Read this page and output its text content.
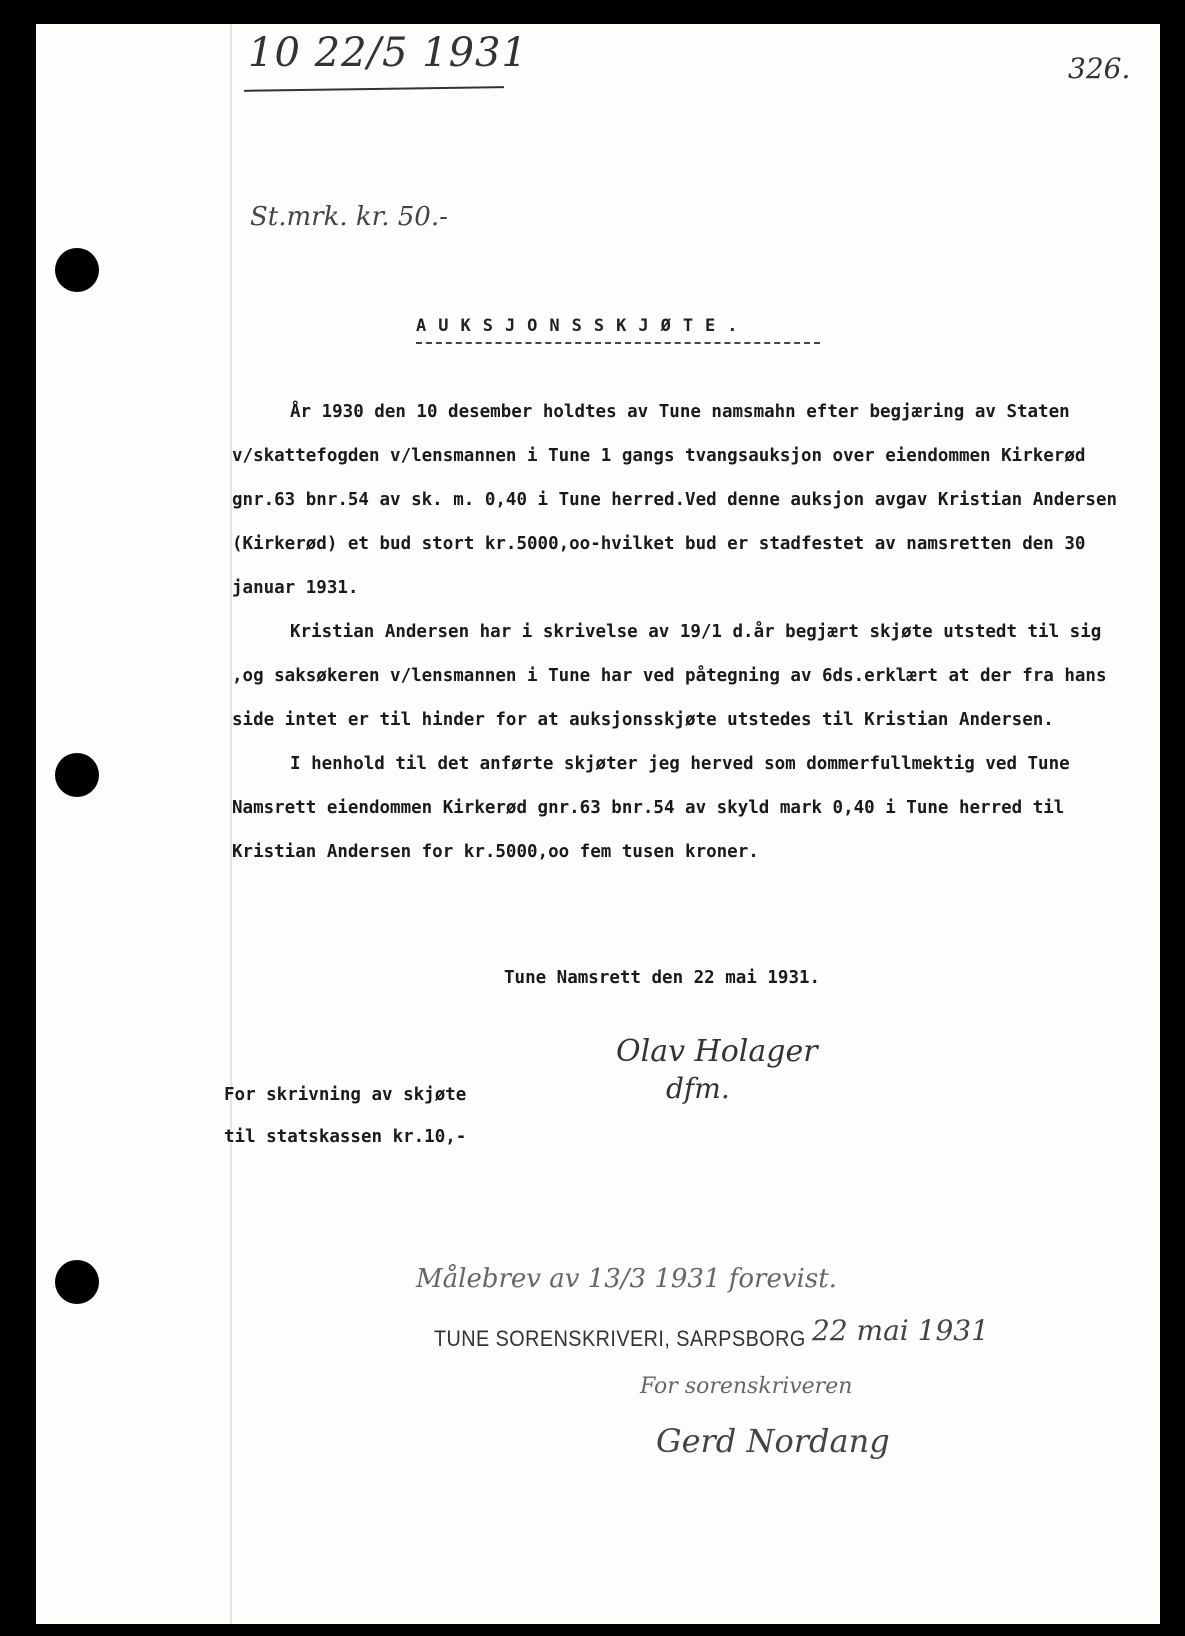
10 22/5 1931	326.
St.mrk. kr. 50.-
AUKSJONSSKJØTE.

År 1930 den 10 desember holdtes av Tune namsmahn efter begjæring av Staten v/skattefogden v/lensmannen i Tune 1 gangs tvangsauksjon over eiendommen Kirkerød gnr.63 bnr.54 av sk. m. 0,40 i Tune herred.Ved denne auksjon avgav Kristian Andersen (Kirkerød) et bud stort kr.5000,oo-hvilket bud er stadfestet av namsretten den 30 januar 1931.

Kristian Andersen har i skrivelse av 19/1 d.år begjært skjøte utstedt til sig ,og saksøkeren v/lensmannen i Tune har ved påtegning av 6ds.erklært at der fra hans side intet er til hinder for at auksjonsskjøte utstedes til Kristian Andersen.

I henhold til det anførte skjøter jeg herved som dommerfullmektig ved Tune Namsrett eiendommen Kirkerød gnr.63 bnr.54 av skyld mark 0,40 i Tune herred til Kristian Andersen for kr.5000,oo fem tusen kroner.

Tune Namsrett den 22 mai 1931.
Olav Holager
dfm.
For skrivning av skjøte
til statskassen kr.10,-
Målebrev av 13/3 1931 forevist.
TUNE SORENSKRIVERI, SARPSBORG 22 mai 1931
For sorenskriveren
Gerd Nordang
